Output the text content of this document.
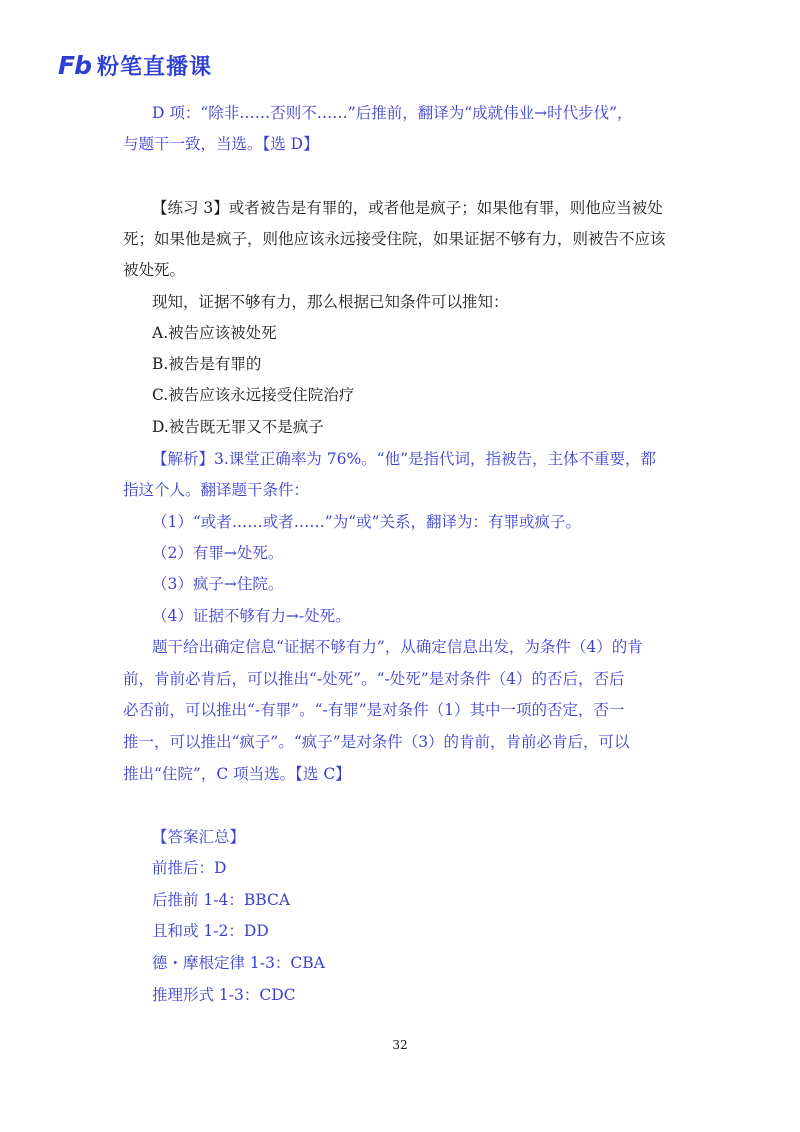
Fb 粉笔直播课
D 项：“除非……否则不……”后推前，翻译为“成就伟业→时代步伐”，
与题干一致，当选。【选 D】
【练习 3】或者被告是有罪的，或者他是疯子；如果他有罪，则他应当被处
死；如果他是疯子，则他应该永远接受住院，如果证据不够有力，则被告不应该
被处死。
现知，证据不够有力，那么根据已知条件可以推知：
A.被告应该被处死
B.被告是有罪的
C.被告应该永远接受住院治疗
D.被告既无罪又不是疯子
【解析】3.课堂正确率为 76%。“他”是指代词，指被告，主体不重要，都
指这个人。翻译题干条件：
（1）“或者……或者……”为“或”关系，翻译为：有罪或疯子。
（2）有罪→处死。
（3）疯子→住院。
（4）证据不够有力→-处死。
题干给出确定信息“证据不够有力”，从确定信息出发，为条件（4）的肯
前，肯前必肯后，可以推出“-处死”。“-处死”是对条件（4）的否后，否后
必否前，可以推出“-有罪”。“-有罪”是对条件（1）其中一项的否定，否一
推一，可以推出“疯子”。“疯子”是对条件（3）的肯前，肯前必肯后，可以
推出“住院”，C 项当选。【选 C】
【答案汇总】
前推后：D
后推前 1-4：BBCA
且和或 1-2：DD
德・摩根定律 1-3：CBA
推理形式 1-3：CDC
32
